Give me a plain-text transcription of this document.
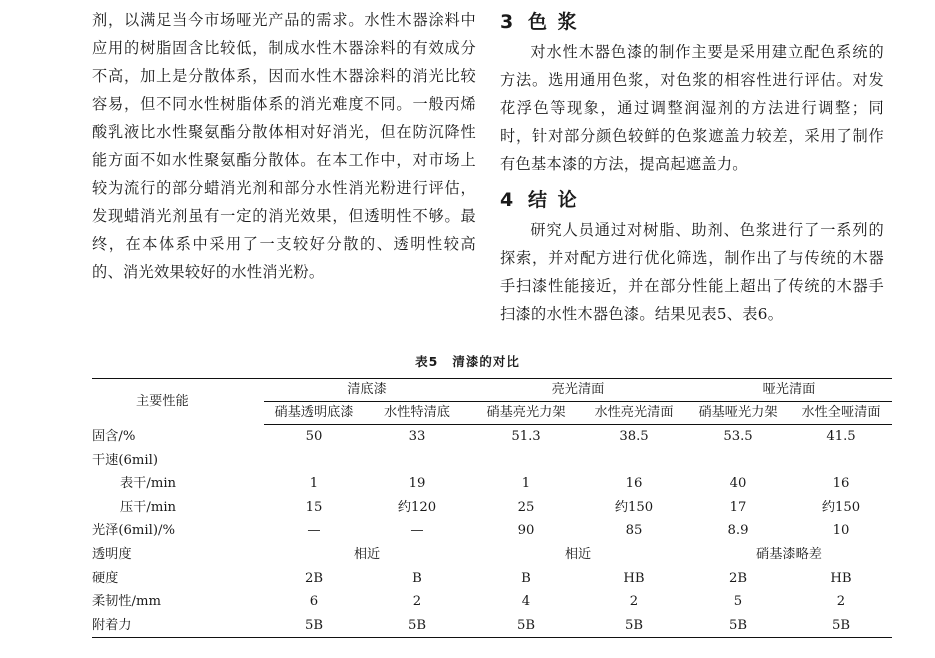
剂，以满足当今市场哑光产品的需求。水性木器涂料中应用的树脂固含比较低，制成水性木器涂料的有效成分不高，加上是分散体系，因而水性木器涂料的消光比较容易，但不同水性树脂体系的消光难度不同。一般丙烯酸乳液比水性聚氨酯分散体相对好消光，但在防沉降性能方面不如水性聚氨酯分散体。在本工作中，对市场上较为流行的部分蜡消光剂和部分水性消光粉进行评估，发现蜡消光剂虽有一定的消光效果，但透明性不够。最终，在本体系中采用了一支较好分散的、透明性较高的、消光效果较好的水性消光粉。

3 色 浆

对水性木器色漆的制作主要是采用建立配色系统的方法。选用通用色浆，对色浆的相容性进行评估。对发花浮色等现象，通过调整润湿剂的方法进行调整；同时，针对部分颜色较鲜的色浆遮盖力较差，采用了制作有色基本漆的方法，提高起遮盖力。

4 结 论

研究人员通过对树脂、助剂、色浆进行了一系列的探索，并对配方进行优化筛选，制作出了与传统的木器手扫漆性能接近，并在部分性能上超出了传统的木器手扫漆的水性木器色漆。结果见表5、表6。

表5 清漆的对比
主要性能	清底漆		亮光清面		哑光清面	
	硝基透明底漆	水性特清底	硝基亮光力架	水性亮光清面	硝基哑光力架	水性全哑清面
固含/%	50	33	51.3	38.5	53.5	41.5
干速(6mil)						
表干/min	1	19	1	16	40	16
压干/min	15	约120	25	约150	17	约150
光泽(6mil)/%	—	—	90	85	8.9	10
透明度	相近		相近		硝基漆略差	
硬度	2B	B	B	HB	2B	HB
柔韧性/mm	6	2	4	2	5	2
附着力	5B	5B	5B	5B	5B	5B
